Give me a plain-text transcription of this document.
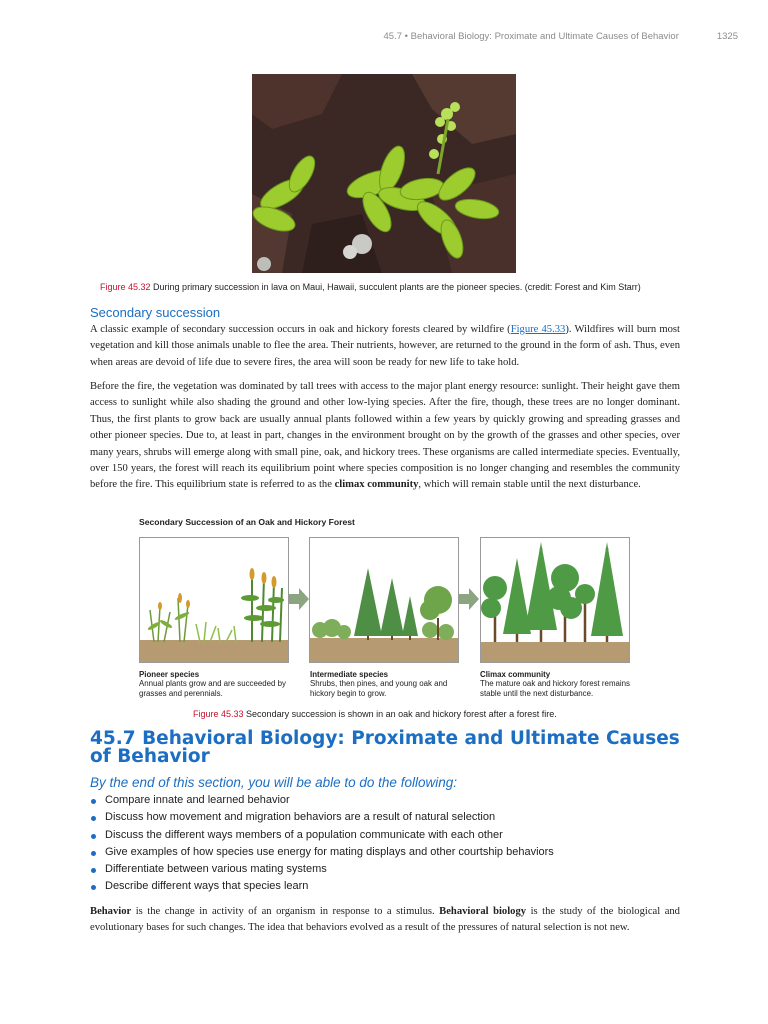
45.7 • Behavioral Biology: Proximate and Ultimate Causes of Behavior	1325
Figure 45.32 During primary succession in lava on Maui, Hawaii, succulent plants are the pioneer species. (credit: Forest and Kim Starr)
Secondary succession

A classic example of secondary succession occurs in oak and hickory forests cleared by wildfire (Figure 45.33). Wildfires will burn most vegetation and kill those animals unable to flee the area. Their nutrients, however, are returned to the ground in the form of ash. Thus, even when areas are devoid of life due to severe fires, the area will soon be ready for new life to take hold.

Before the fire, the vegetation was dominated by tall trees with access to the major plant energy resource: sunlight. Their height gave them access to sunlight while also shading the ground and other low-lying species. After the fire, though, these trees are no longer dominant. Thus, the first plants to grow back are usually annual plants followed within a few years by quickly growing and spreading grasses and other pioneer species. Due to, at least in part, changes in the environment brought on by the growth of the grasses and other species, over many years, shrubs will emerge along with small pine, oak, and hickory trees. These organisms are called intermediate species. Eventually, over 150 years, the forest will reach its equilibrium point where species composition is no longer changing and resembles the community before the fire. This equilibrium state is referred to as the climax community, which will remain stable until the next disturbance.

Secondary Succession of an Oak and Hickory Forest
Pioneer species
Annual plants grow and are succeeded by grasses and perennials.
Intermediate species
Shrubs, then pines, and young oak and hickory begin to grow.
Climax community
The mature oak and hickory forest remains stable until the next disturbance.
Figure 45.33 Secondary succession is shown in an oak and hickory forest after a forest fire.
45.7 Behavioral Biology: Proximate and Ultimate Causes of Behavior
By the end of this section, you will be able to do the following:
Compare innate and learned behavior
Discuss how movement and migration behaviors are a result of natural selection
Discuss the different ways members of a population communicate with each other
Give examples of how species use energy for mating displays and other courtship behaviors
Differentiate between various mating systems
Describe different ways that species learn

Behavior is the change in activity of an organism in response to a stimulus. Behavioral biology is the study of the biological and evolutionary bases for such changes. The idea that behaviors evolved as a result of the pressures of natural selection is not new.
